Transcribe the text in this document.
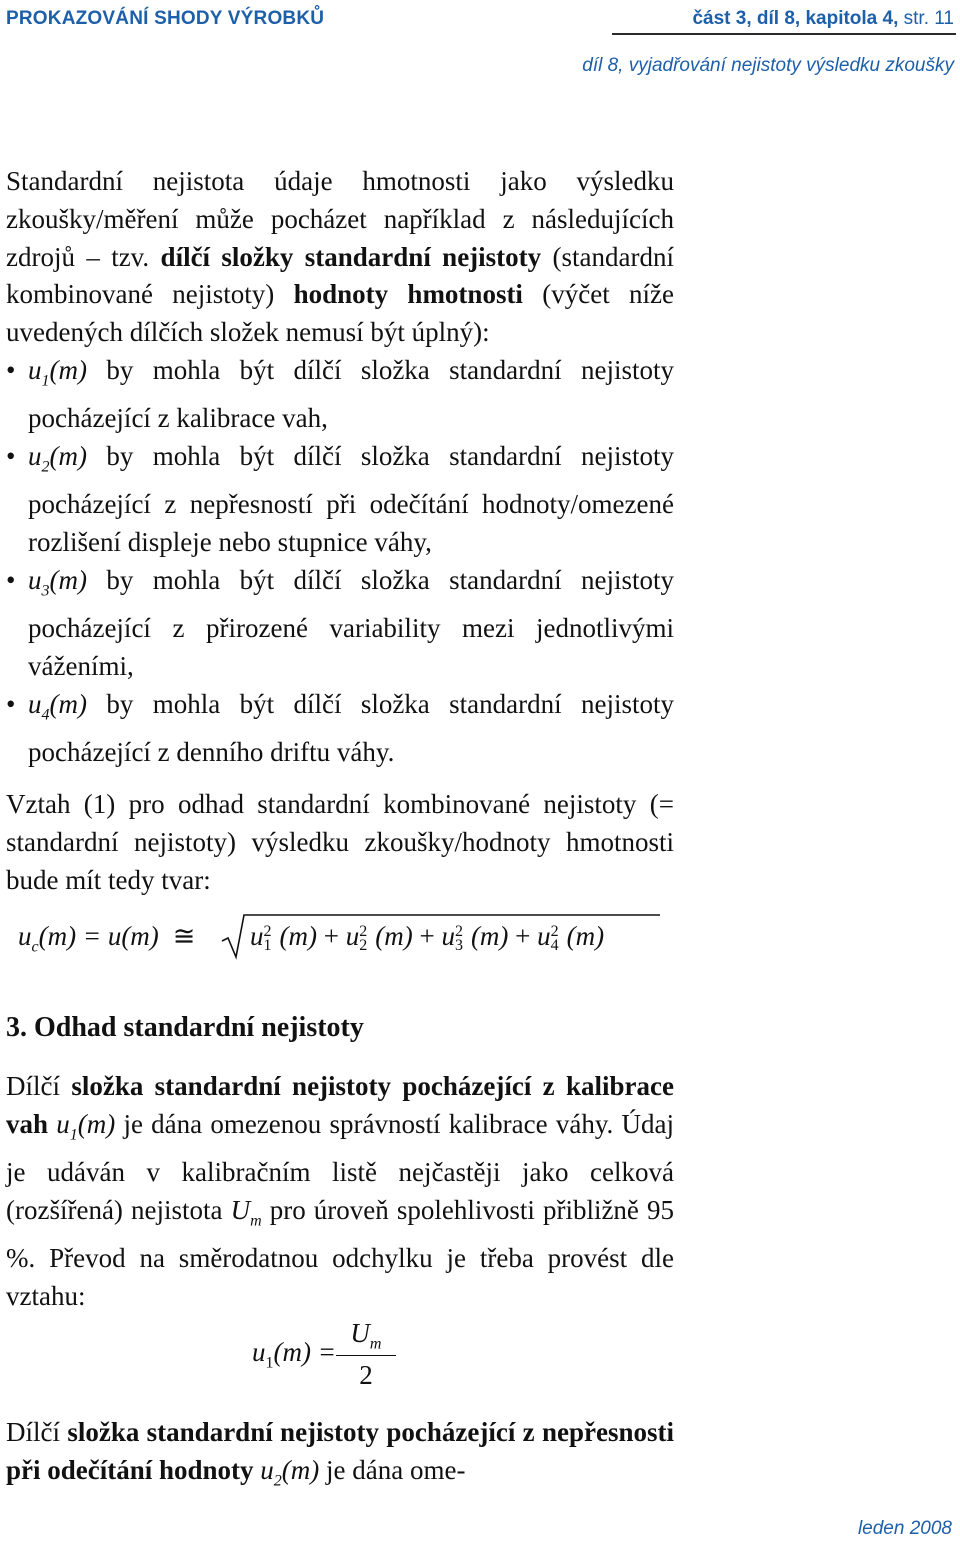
PROKAZOVÁNÍ SHODY VÝROBKŮ	část 3, díl 8, kapitola 4, str. 11
díl 8, vyjadřování nejistoty výsledku zkoušky

Standardní nejistota údaje hmotnosti jako výsledku zkoušky/měření může pocházet například z následujících zdrojů – tzv. dílčí složky standardní nejistoty (standardní kombinované nejistoty) hodnoty hmotnosti (výčet níže uvedených dílčích složek nemusí být úplný):

• $u_1(m)$ by mohla být dílčí složka standardní nejistoty pocházející z kalibrace vah,
• $u_2(m)$ by mohla být dílčí složka standardní nejistoty pocházející z nepřesností při odečítání hodnoty/omezené rozlišení displeje nebo stupnice váhy,
• $u_3(m)$ by mohla být dílčí složka standardní nejistoty pocházející z přirozené variability mezi jednotlivými váženími,
• $u_4(m)$ by mohla být dílčí složka standardní nejistoty pocházející z denního driftu váhy.

Vztah (1) pro odhad standardní kombinované nejistoty (= standardní nejistoty) výsledku zkoušky/hodnoty hmotnosti bude mít tedy tvar:

$u_c(m) = u(m)$ ≅	u2
1 (m) + u2
2 (m) + u2
3 (m) + u2
4 (m)
3. Odhad standardní nejistoty

Dílčí složka standardní nejistoty pocházející z kalibrace vah $u_1(m)$ je dána omezenou správností kalibrace váhy. Údaj je udáván v kalibračním listě nejčastěji jako celková (rozšířená) nejistota $U_m$ pro úroveň spolehlivosti přibližně 95 %. Převod na směrodatnou odchylku je třeba provést dle vztahu:

$u_1(m) = \frac{U_m}{2}$

Dílčí složka standardní nejistoty pocházející z nepřesnosti při odečítání hodnoty $u_2(m)$ je dána ome-

leden 2008
